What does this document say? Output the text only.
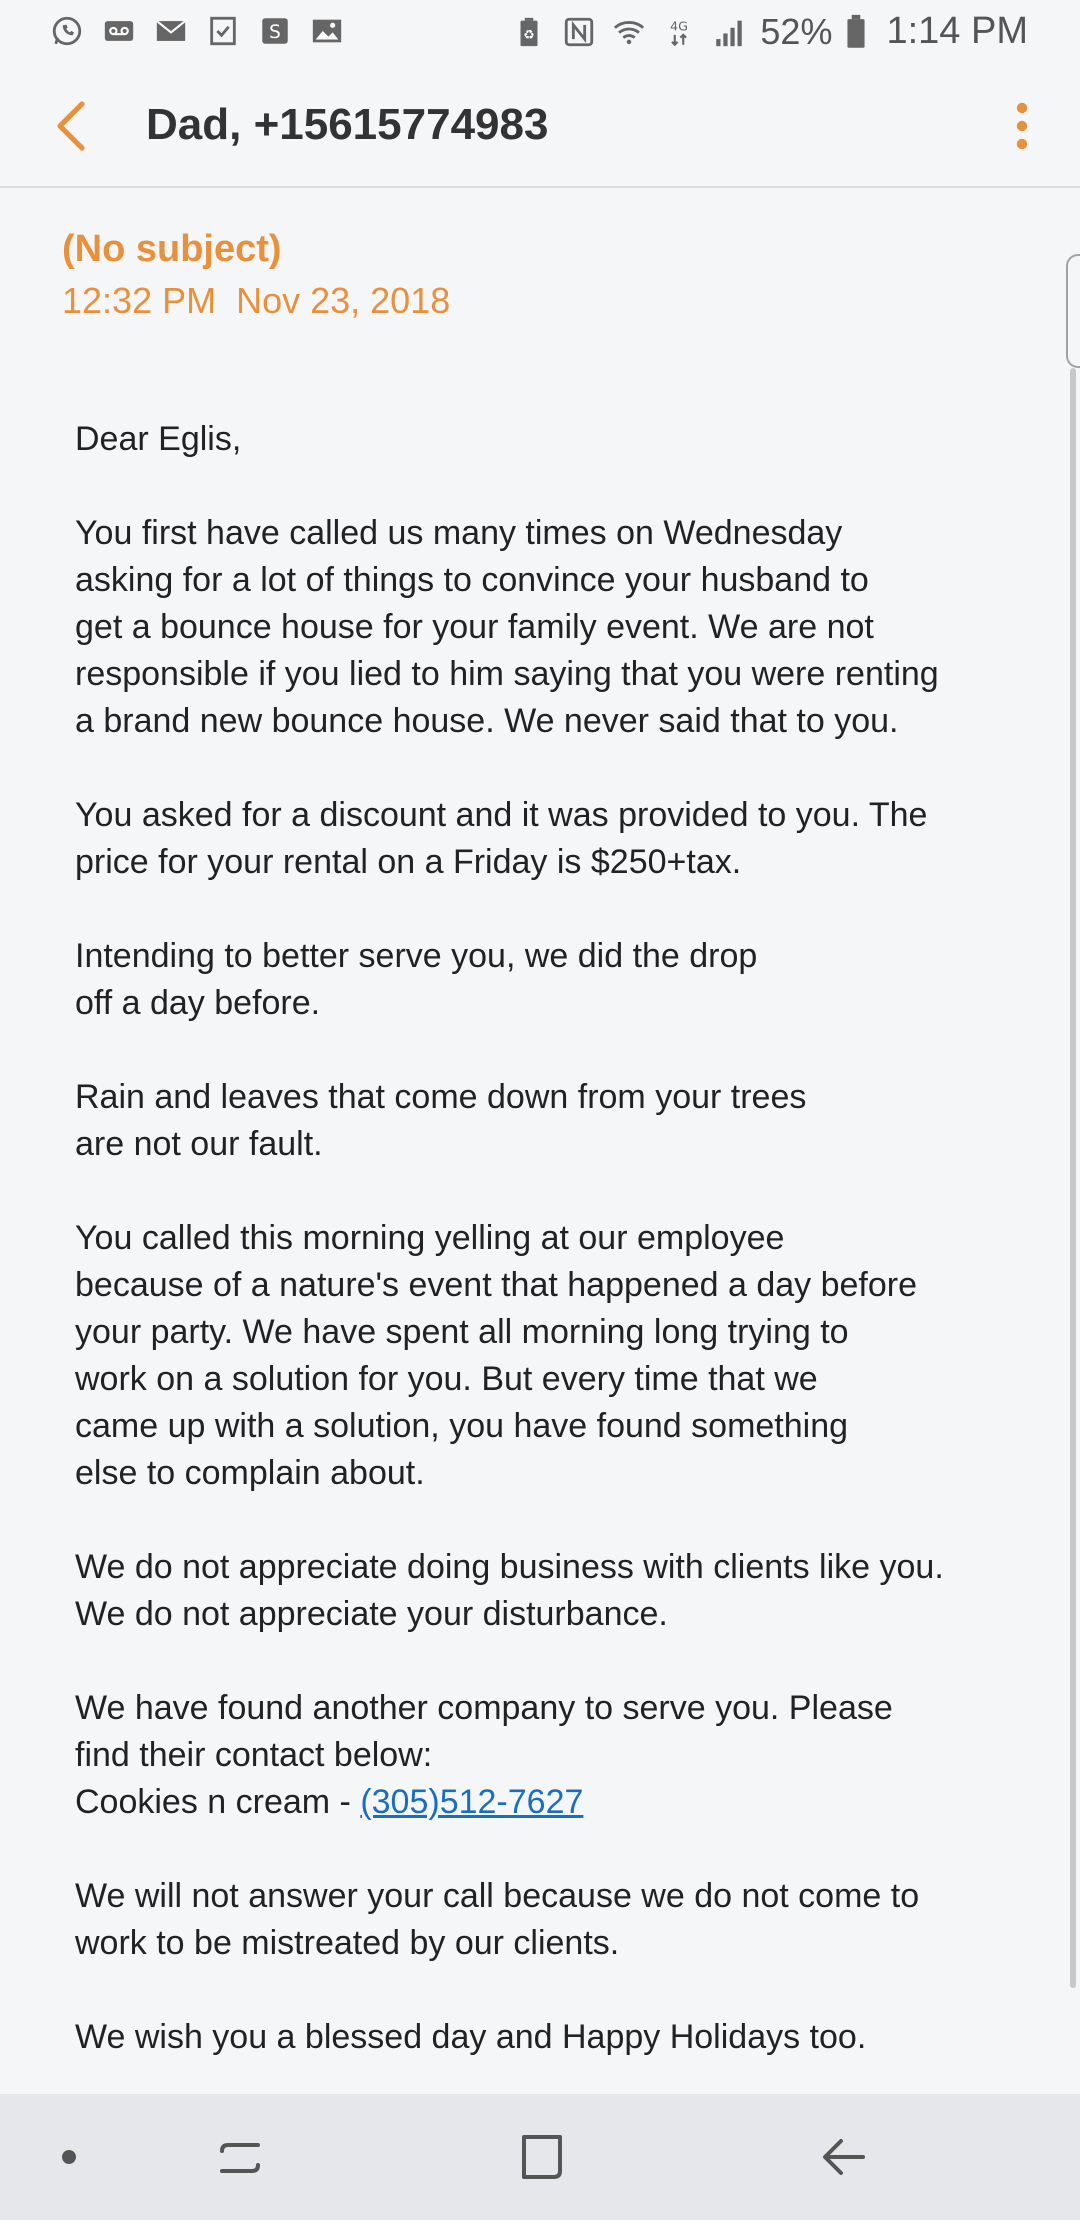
S	♻
4G 52% 1:14 PM
Dad, +15615774983
(No subject)
12:32 PM  Nov 23, 2018

Dear Eglis,

You first have called us many times on Wednesday
asking for a lot of things to convince your husband to
get a bounce house for your family event. We are not
responsible if you lied to him saying that you were renting
a brand new bounce house. We never said that to you.

You asked for a discount and it was provided to you. The
price for your rental on a Friday is $250+tax.

Intending to better serve you, we did the drop
off a day before.

Rain and leaves that come down from your trees
are not our fault.

You called this morning yelling at our employee
because of a nature's event that happened a day before
your party. We have spent all morning long trying to
work on a solution for you. But every time that we
came up with a solution, you have found something
else to complain about.

We do not appreciate doing business with clients like you.
We do not appreciate your disturbance.

We have found another company to serve you. Please
find their contact below:
Cookies n cream - (305)512-7627

We will not answer your call because we do not come to
work to be mistreated by our clients.

We wish you a blessed day and Happy Holidays too.
